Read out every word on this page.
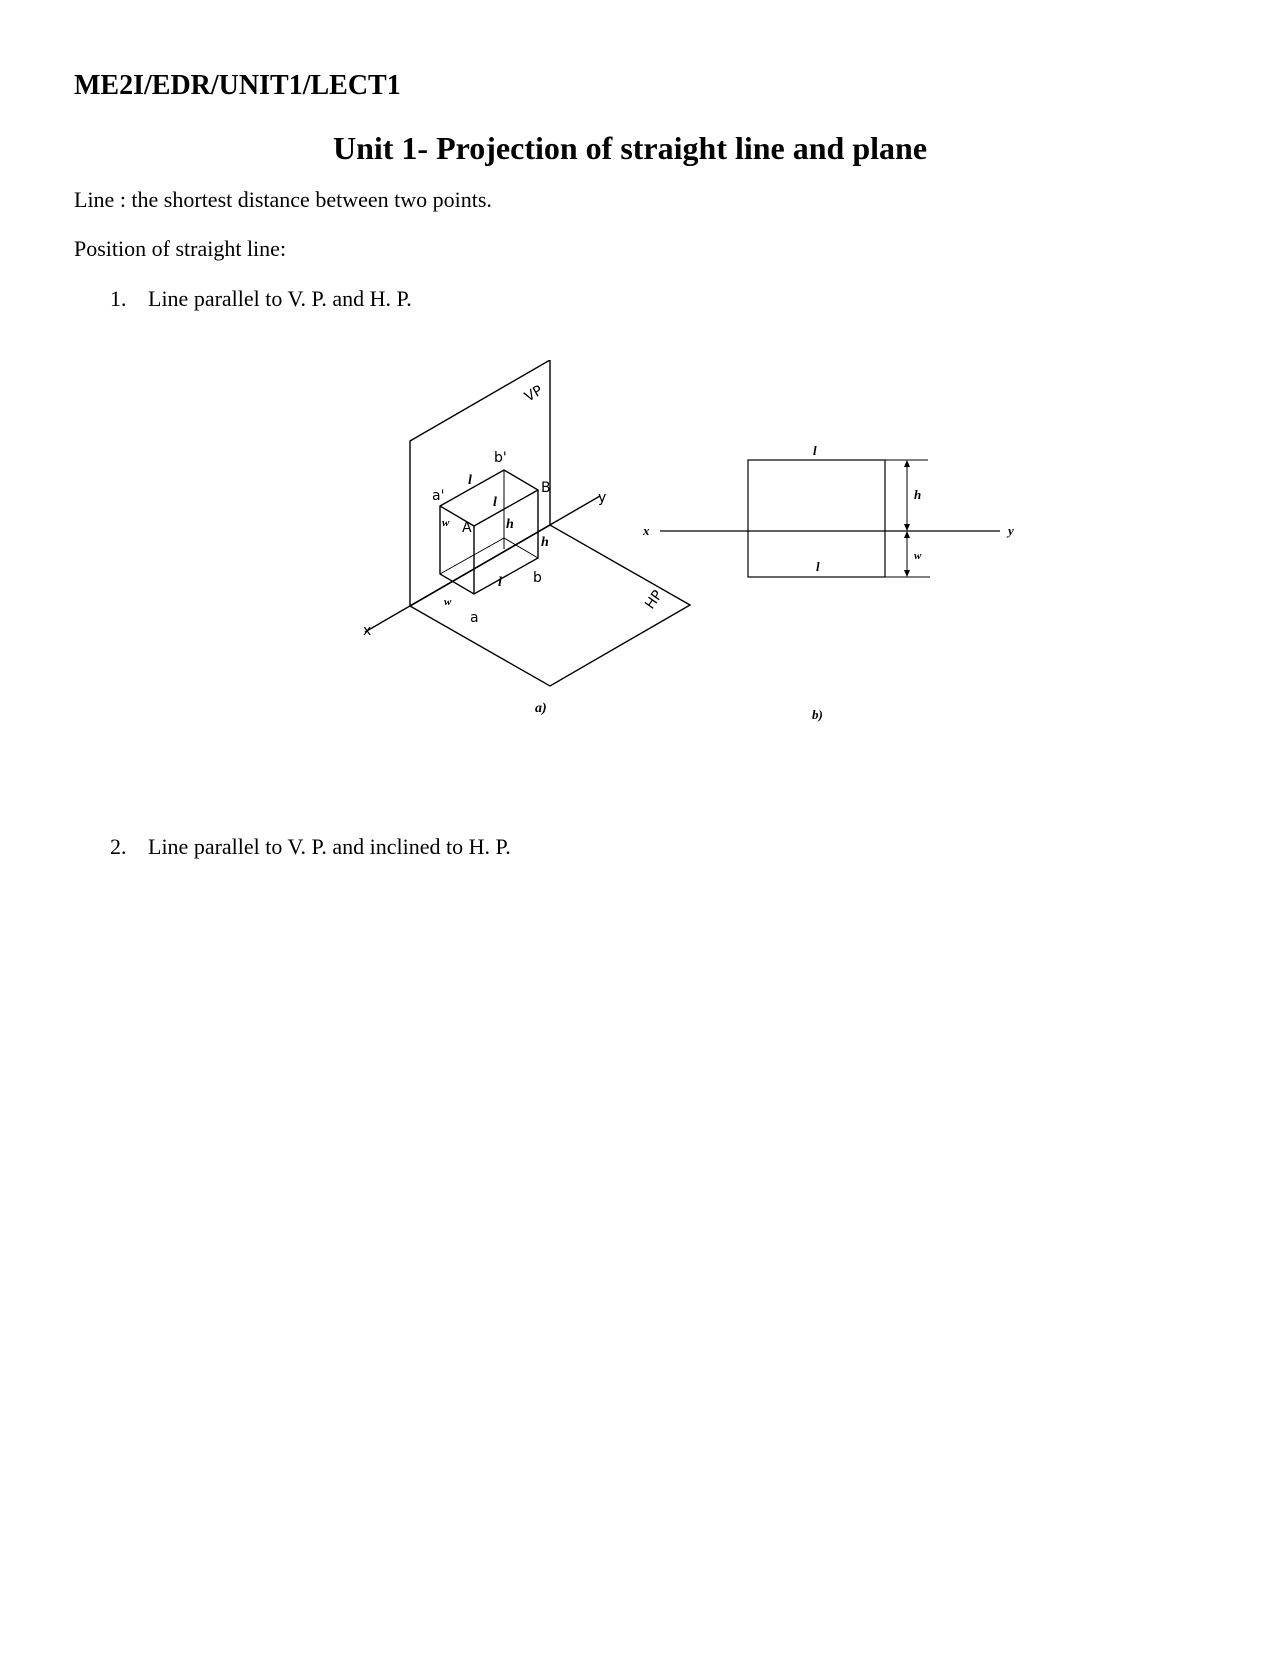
ME2I/EDR/UNIT1/LECT1
Unit 1- Projection of straight line and plane
Line : the shortest distance between two points.
Position of straight line:
1. Line parallel to V. P. and H. P.
2. Line parallel to V. P. and inclined to H. P.
VP
HP
x
y
a'
b'
A
B
a
b
l
l
l
h
h
w
w
a)
x	y
l
l
h
w
b)
